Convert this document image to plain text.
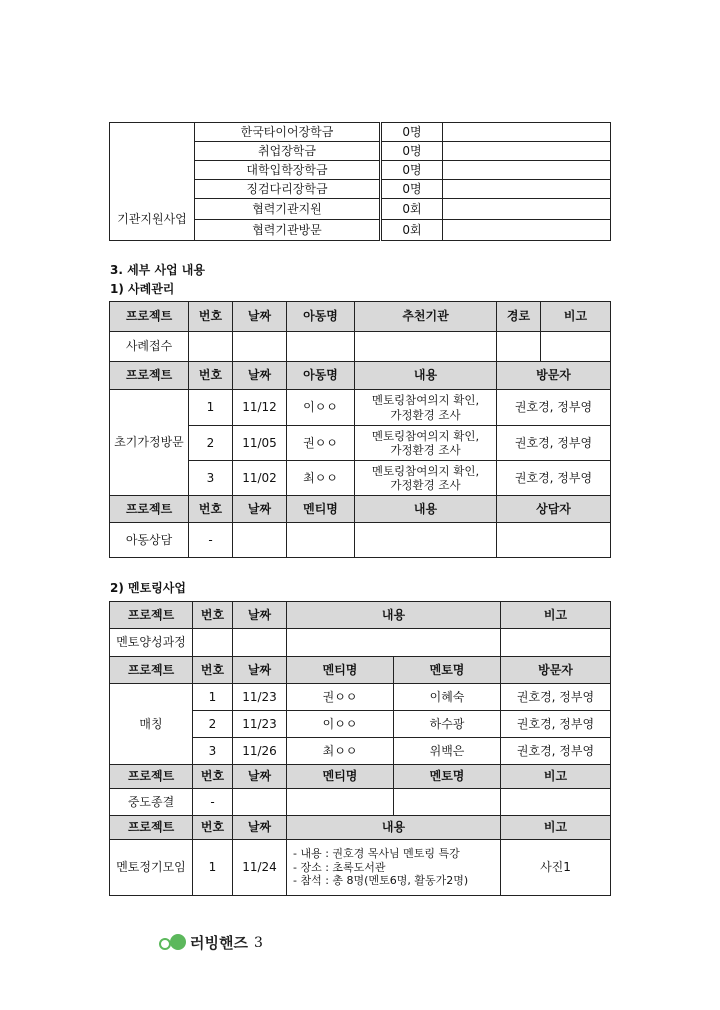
	한국타이어장학금	0명	
	취업장학금	0명	
	대학입학장학금	0명	
	징검다리장학금	0명	
기관지원사업	협력기관지원	0회	
	협력기관방문	0회	
3. 세부 사업 내용
1) 사례관리
프로젝트	번호	날짜	아동명	추천기관	경로	비고
사례접수						
프로젝트	번호	날짜	아동명	내용	방문자	
초기가정방문	1	11/12	이ㅇㅇ	멘토링참여의지 확인,
가정환경 조사	권호경, 정부영	
	2	11/05	권ㅇㅇ	멘토링참여의지 확인,
가정환경 조사	권호경, 정부영	
	3	11/02	최ㅇㅇ	멘토링참여의지 확인,
가정환경 조사	권호경, 정부영	
프로젝트	번호	날짜	멘티명	내용	상담자	
아동상담	-					
2) 멘토링사업
프로젝트	번호	날짜	내용		비고
멘토양성과정					
프로젝트	번호	날짜	멘티명	멘토명	방문자
매칭	1	11/23	권ㅇㅇ	이혜숙	권호경, 정부영
	2	11/23	이ㅇㅇ	하수광	권호경, 정부영
	3	11/26	최ㅇㅇ	위백은	권호경, 정부영
프로젝트	번호	날짜	멘티명	멘토명	비고
중도종결	-				
프로젝트	번호	날짜	내용		비고
멘토정기모임	1	11/24	- 내용 : 권호경 목사님 멘토링 특강
- 장소 : 초록도서관
- 참석 : 총 8명(멘토6명, 활동가2명)		사진1
러빙핸즈 3
